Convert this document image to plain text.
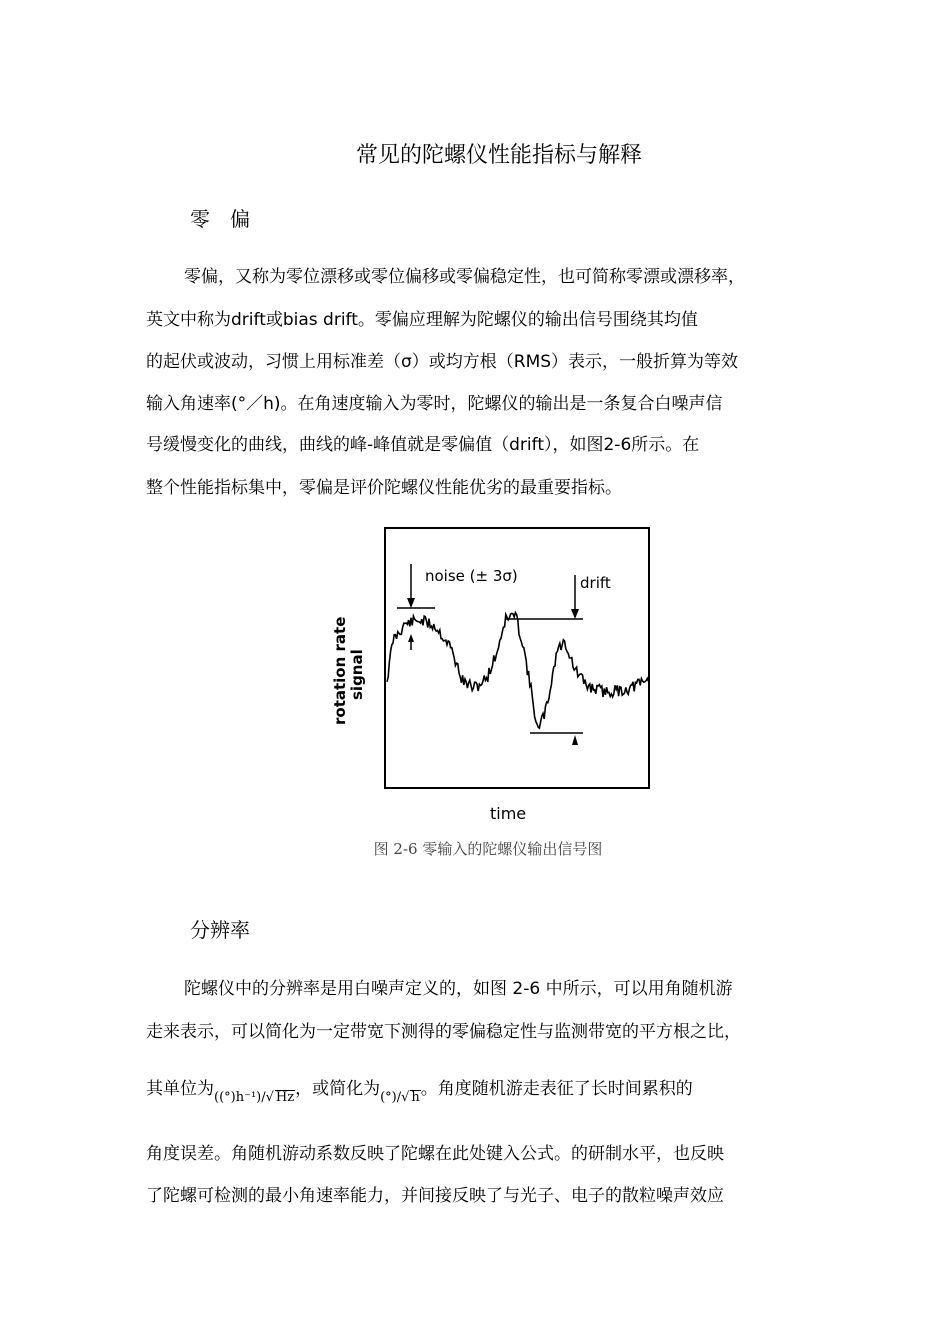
常见的陀螺仪性能指标与解释
零　偏
零偏，又称为零位漂移或零位偏移或零偏稳定性，也可简称零漂或漂移率，
英文中称为drift或bias drift。零偏应理解为陀螺仪的输出信号围绕其均值
的起伏或波动，习惯上用标准差（σ）或均方根（RMS）表示，一般折算为等效
输入角速率(°／h)。在角速度输入为零时，陀螺仪的输出是一条复合白噪声信
号缓慢变化的曲线，曲线的峰-峰值就是零偏值（drift），如图2-6所示。在
整个性能指标集中，零偏是评价陀螺仪性能优劣的最重要指标。
noise (± 3σ)	drift
rotation rate signal
time
图 2-6 零输入的陀螺仪输出信号图
分辨率
陀螺仪中的分辨率是用白噪声定义的，如图 2-6 中所示，可以用角随机游
走来表示，可以简化为一定带宽下测得的零偏稳定性与监测带宽的平方根之比，
其单位为$_{((^\circ)h^{-1})/√ Hz}$，或简化为$_{(^\circ)/√ h}$。角度随机游走表征了长时间累积的
角度误差。角随机游动系数反映了陀螺在此处键入公式。的研制水平，也反映
了陀螺可检测的最小角速率能力，并间接反映了与光子、电子的散粒噪声效应
